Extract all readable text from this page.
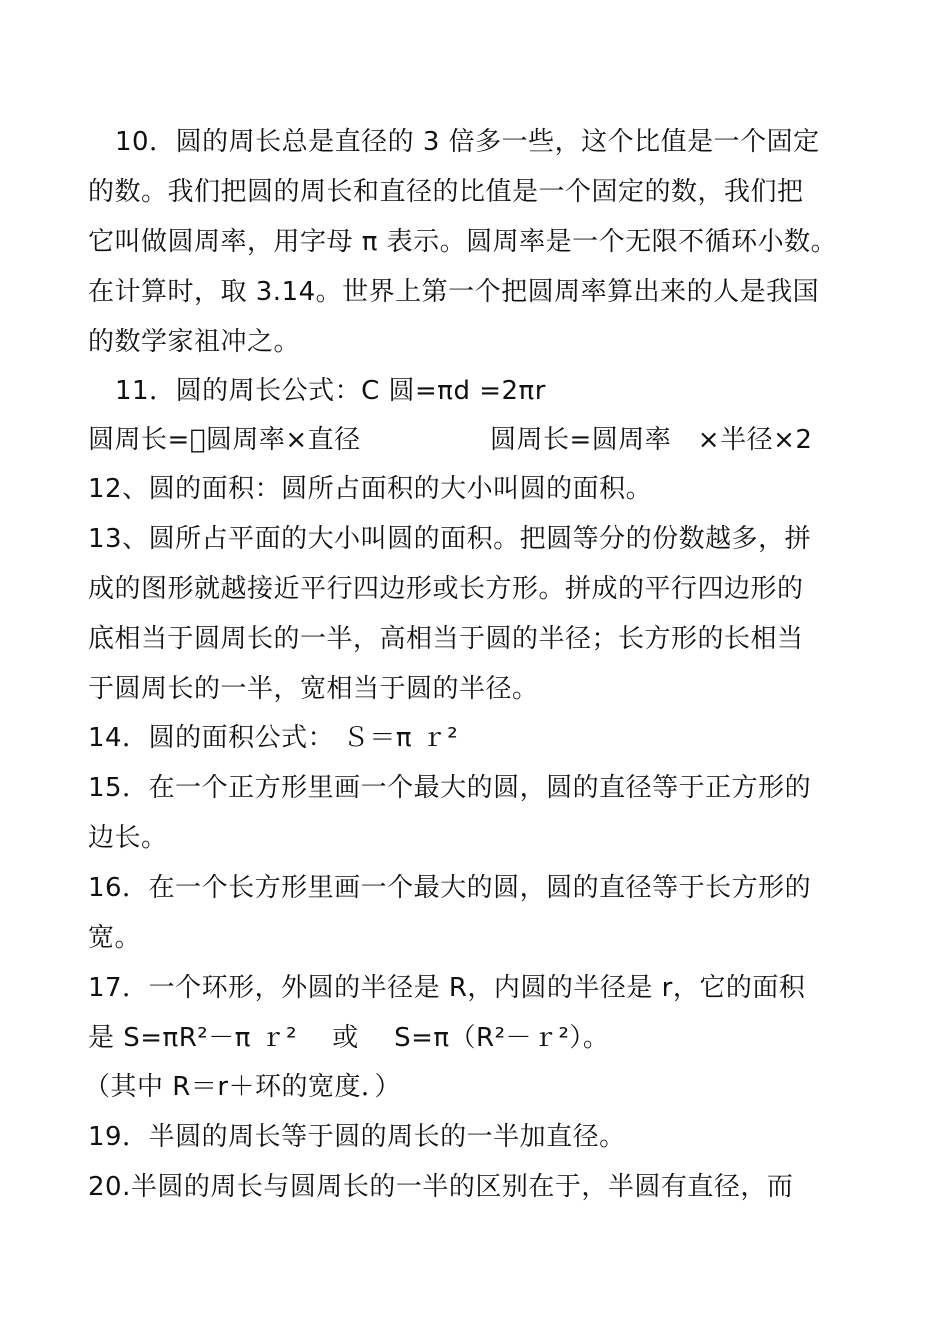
10．圆的周长总是直径的 3 倍多一些，这个比值是一个固定
的数。我们把圆的周长和直径的比值是一个固定的数，我们把
它叫做圆周率，用字母 π 表示。圆周率是一个无限不循环小数。
在计算时，取 3.14。世界上第一个把圆周率算出来的人是我国
的数学家祖冲之。
11．圆的周长公式：C 圆=πd =2πr
圆周长= 圆周率×直径	圆周长=圆周率　×半径×2
12、圆的面积：圆所占面积的大小叫圆的面积。
13、圆所占平面的大小叫圆的面积。把圆等分的份数越多，拼
成的图形就越接近平行四边形或长方形。拼成的平行四边形的
底相当于圆周长的一半，高相当于圆的半径；长方形的长相当
于圆周长的一半，宽相当于圆的半径。
14．圆的面积公式： Ｓ＝π ｒ²
15．在一个正方形里画一个最大的圆，圆的直径等于正方形的
边长。
16．在一个长方形里画一个最大的圆，圆的直径等于长方形的
宽。
17．一个环形，外圆的半径是 R，内圆的半径是 r，它的面积
是 S=πR²－π ｒ²　 或　 S=π（R²－ｒ²）。
（其中 R＝r＋环的宽度．）
19．半圆的周长等于圆的周长的一半加直径。
20.半圆的周长与圆周长的一半的区别在于，半圆有直径，而
